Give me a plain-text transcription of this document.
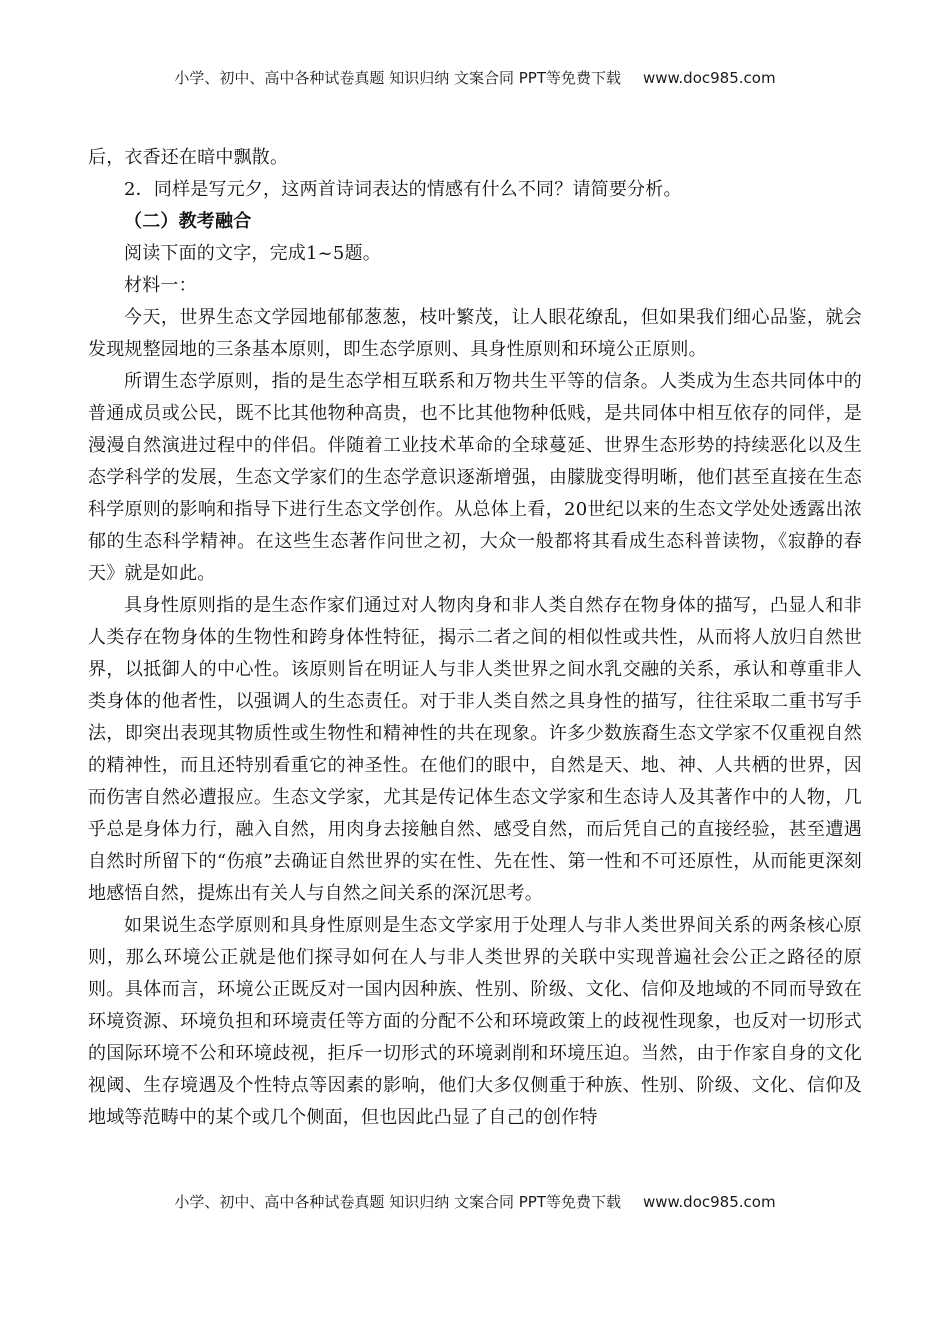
小学、初中、高中各种试卷真题 知识归纳 文案合同 PPT等免费下载 www.doc985.com

后，衣香还在暗中飘散。

2．同样是写元夕，这两首诗词表达的情感有什么不同？请简要分析。

（二）教考融合

阅读下面的文字，完成1~5题。

材料一：

今天，世界生态文学园地郁郁葱葱，枝叶繁茂，让人眼花缭乱，但如果我们细心品鉴，就会发现规整园地的三条基本原则，即生态学原则、具身性原则和环境公正原则。

所谓生态学原则，指的是生态学相互联系和万物共生平等的信条。人类成为生态共同体中的普通成员或公民，既不比其他物种高贵，也不比其他物种低贱，是共同体中相互依存的同伴，是漫漫自然演进过程中的伴侣。伴随着工业技术革命的全球蔓延、世界生态形势的持续恶化以及生态学科学的发展，生态文学家们的生态学意识逐渐增强，由朦胧变得明晰，他们甚至直接在生态科学原则的影响和指导下进行生态文学创作。从总体上看，20世纪以来的生态文学处处透露出浓郁的生态科学精神。在这些生态著作问世之初，大众一般都将其看成生态科普读物，《寂静的春天》就是如此。

具身性原则指的是生态作家们通过对人物肉身和非人类自然存在物身体的描写，凸显人和非人类存在物身体的生物性和跨身体性特征，揭示二者之间的相似性或共性，从而将人放归自然世界，以抵御人的中心性。该原则旨在明证人与非人类世界之间水乳交融的关系，承认和尊重非人类身体的他者性，以强调人的生态责任。对于非人类自然之具身性的描写，往往采取二重书写手法，即突出表现其物质性或生物性和精神性的共在现象。许多少数族裔生态文学家不仅重视自然的精神性，而且还特别看重它的神圣性。在他们的眼中，自然是天、地、神、人共栖的世界，因而伤害自然必遭报应。生态文学家，尤其是传记体生态文学家和生态诗人及其著作中的人物，几乎总是身体力行，融入自然，用肉身去接触自然、感受自然，而后凭自己的直接经验，甚至遭遇自然时所留下的“伤痕”去确证自然世界的实在性、先在性、第一性和不可还原性，从而能更深刻地感悟自然，提炼出有关人与自然之间关系的深沉思考。

如果说生态学原则和具身性原则是生态文学家用于处理人与非人类世界间关系的两条核心原则，那么环境公正就是他们探寻如何在人与非人类世界的关联中实现普遍社会公正之路径的原则。具体而言，环境公正既反对一国内因种族、性别、阶级、文化、信仰及地域的不同而导致在环境资源、环境负担和环境责任等方面的分配不公和环境政策上的歧视性现象，也反对一切形式的国际环境不公和环境歧视，拒斥一切形式的环境剥削和环境压迫。当然，由于作家自身的文化视阈、生存境遇及个性特点等因素的影响，他们大多仅侧重于种族、性别、阶级、文化、信仰及地域等范畴中的某个或几个侧面，但也因此凸显了自己的创作特

小学、初中、高中各种试卷真题 知识归纳 文案合同 PPT等免费下载 www.doc985.com
